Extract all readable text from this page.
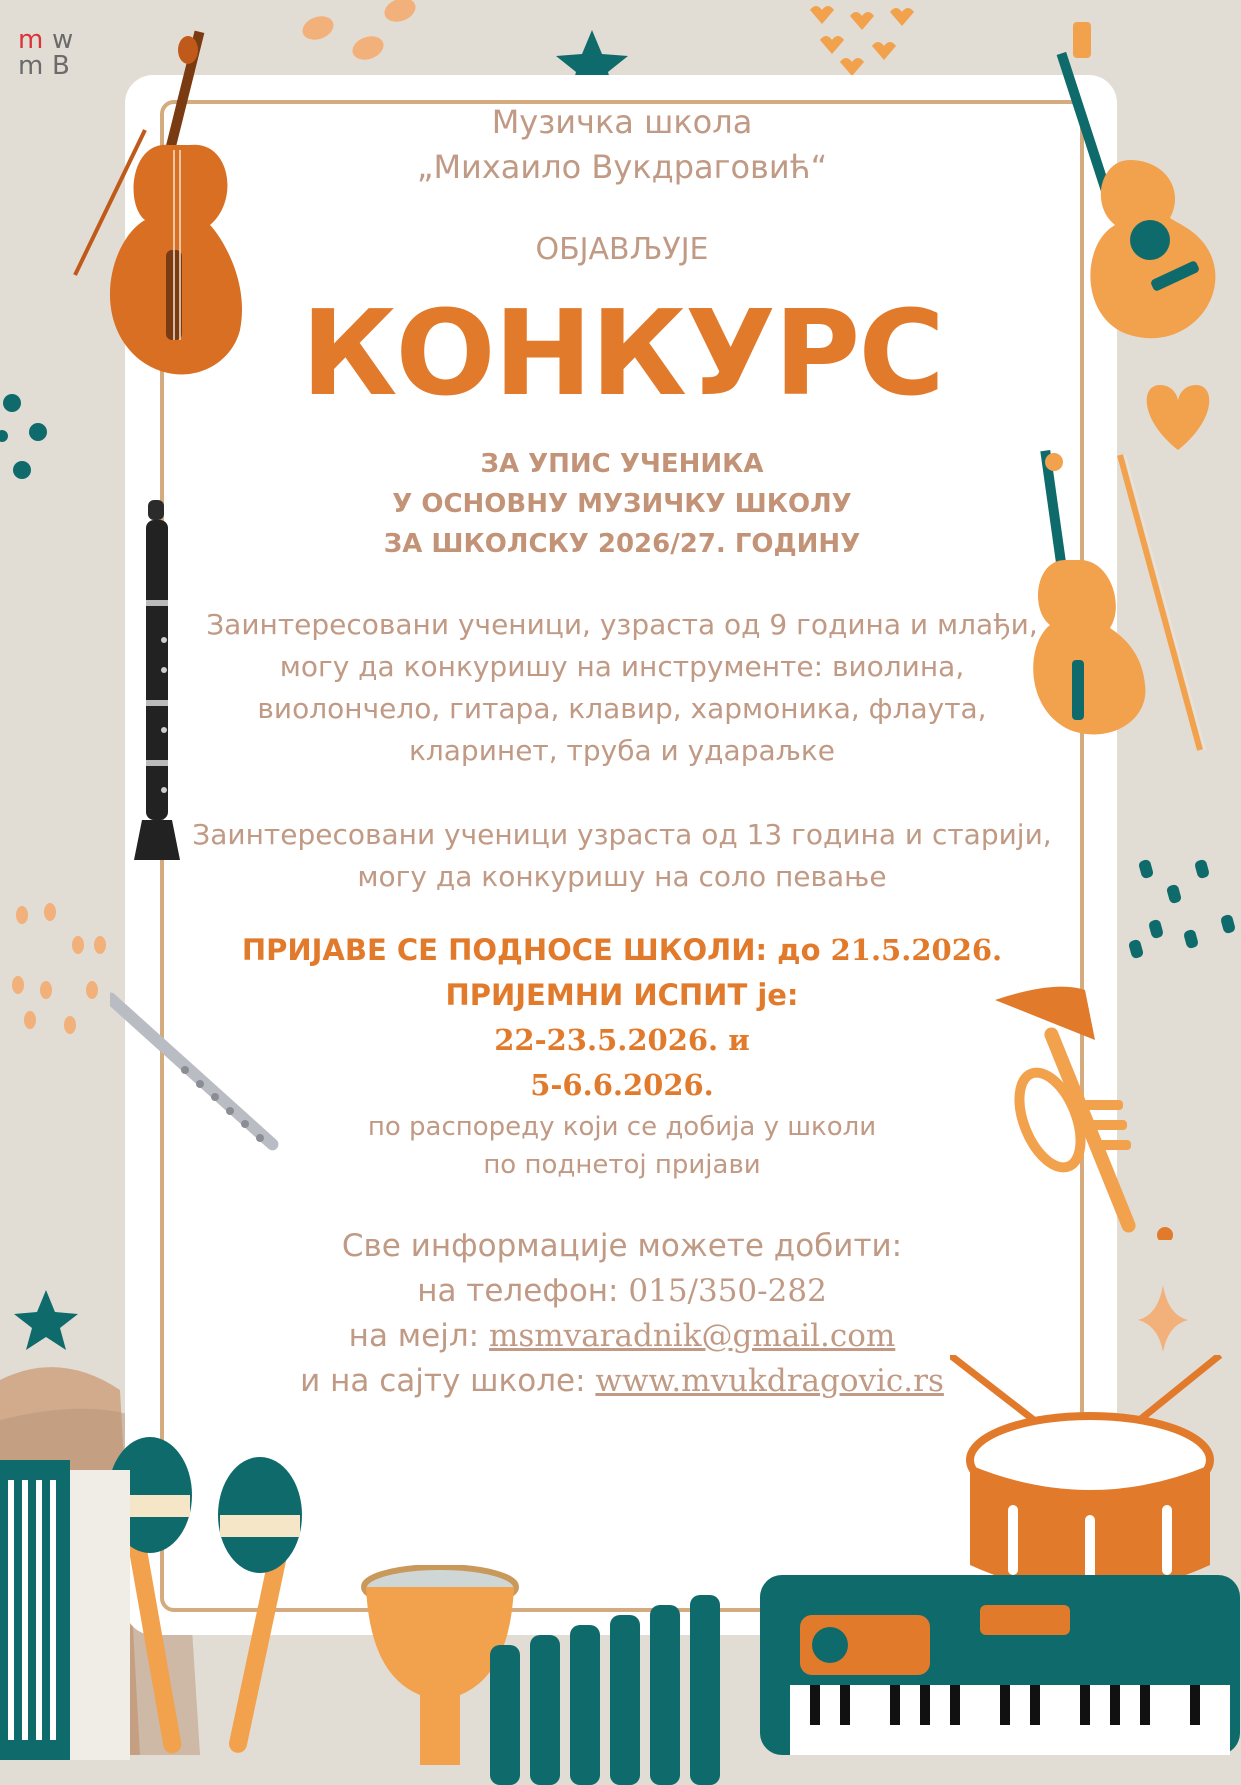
m w
m B
Музичка школа
„Михаило Вукдраговић“
ОБЈАВЉУЈЕ
КОНКУРС
ЗА УПИС УЧЕНИКА
У ОСНОВНУ МУЗИЧКУ ШКОЛУ
ЗА ШКОЛСКУ 2026/27. ГОДИНУ
Заинтересовани ученици, узраста од 9 година и млађи,
могу да конкуришу на инструменте: виолина,
виолончело, гитара, клавир, хармоника, флаута,
кларинет, труба и удараљке
Заинтересовани ученици узраста од 13 година и старији,
могу да конкуришу на соло певање
ПРИЈАВЕ СЕ ПОДНОСЕ ШКОЛИ: до 21.5.2026.
ПРИЈЕМНИ ИСПИТ је:
22-23.5.2026. и
5-6.6.2026.
по распореду који се добија у школи
по поднетој пријави
Све информације можете добити:
на телефон: 015/350-282
на мејл: msmvaradnik@gmail.com
и на сајту школе: www.mvukdragovic.rs
